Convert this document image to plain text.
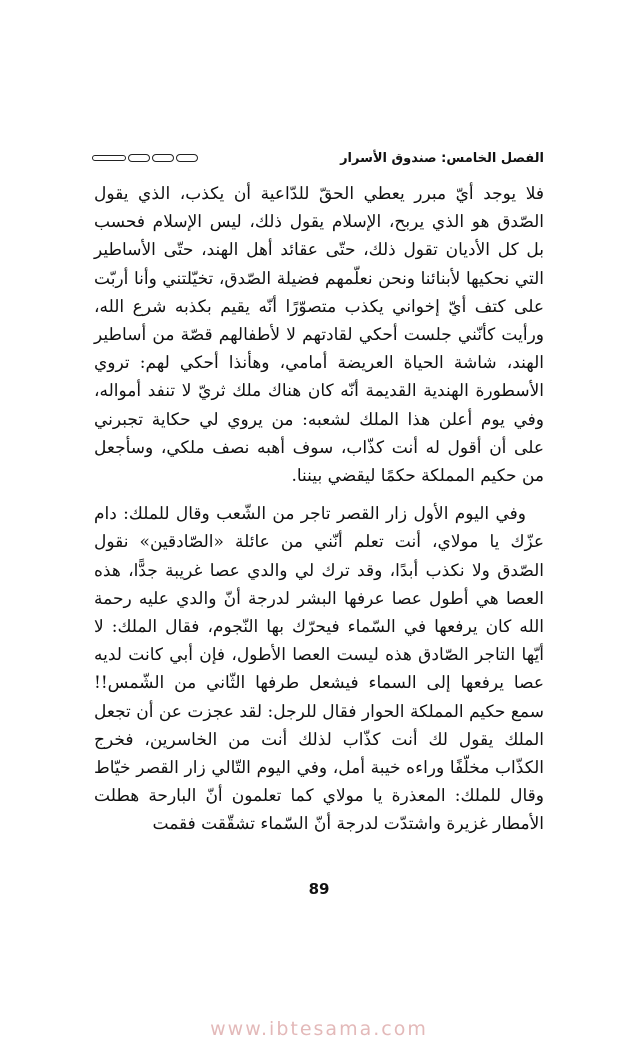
الفصل الخامس: صندوق الأسرار

فلا يوجد أيّ مبرر يعطي الحقّ للدّاعية أن يكذب، الذي يقول الصّدق هو الذي يربح، الإسلام يقول ذلك، ليس الإسلام فحسب بل كل الأديان تقول ذلك، حتّى عقائد أهل الهند، حتّى الأساطير التي نحكيها لأبنائنا ونحن نعلّمهم فضيلة الصّدق، تخيّلتني وأنا أربّت على كتف أيّ إخواني يكذب متصوّرًا أنّه يقيم بكذبه شرع الله، ورأيت كأنّني جلست أحكي لقادتهم لا لأطفالهم قصّة من أساطير الهند، شاشة الحياة العريضة أمامي، وهأنذا أحكي لهم: تروي الأسطورة الهندية القديمة أنّه كان هناك ملك ثريّ لا تنفد أمواله، وفي يوم أعلن هذا الملك لشعبه: من يروي لي حكاية تجبرني على أن أقول له أنت كذّاب، سوف أهبه نصف ملكي، وسأجعل من حكيم المملكة حكمًا ليقضي بيننا.

وفي اليوم الأول زار القصر تاجر من الشّعب وقال للملك: دام عزّك يا مولاي، أنت تعلم أنّني من عائلة «الصّادقين» نقول الصّدق ولا نكذب أبدًا، وقد ترك لي والدي عصا غريبة جدًّا، هذه العصا هي أطول عصا عرفها البشر لدرجة أنّ والدي عليه رحمة الله كان يرفعها في السّماء فيحرّك بها النّجوم، فقال الملك: لا أيّها التاجر الصّادق هذه ليست العصا الأطول، فإن أبي كانت لديه عصا يرفعها إلى السماء فيشعل طرفها الثّاني من الشّمس!! سمع حكيم المملكة الحوار فقال للرجل: لقد عجزت عن أن تجعل الملك يقول لك أنت كذّاب لذلك أنت من الخاسرين، فخرج الكذّاب مخلّفًا وراءه خيبة أمل، وفي اليوم التّالي زار القصر خيّاط وقال للملك: المعذرة يا مولاي كما تعلمون أنّ البارحة هطلت الأمطار غزيرة واشتدّت لدرجة أنّ السّماء تشقّقت فقمت

89
www.ibtesama.com
